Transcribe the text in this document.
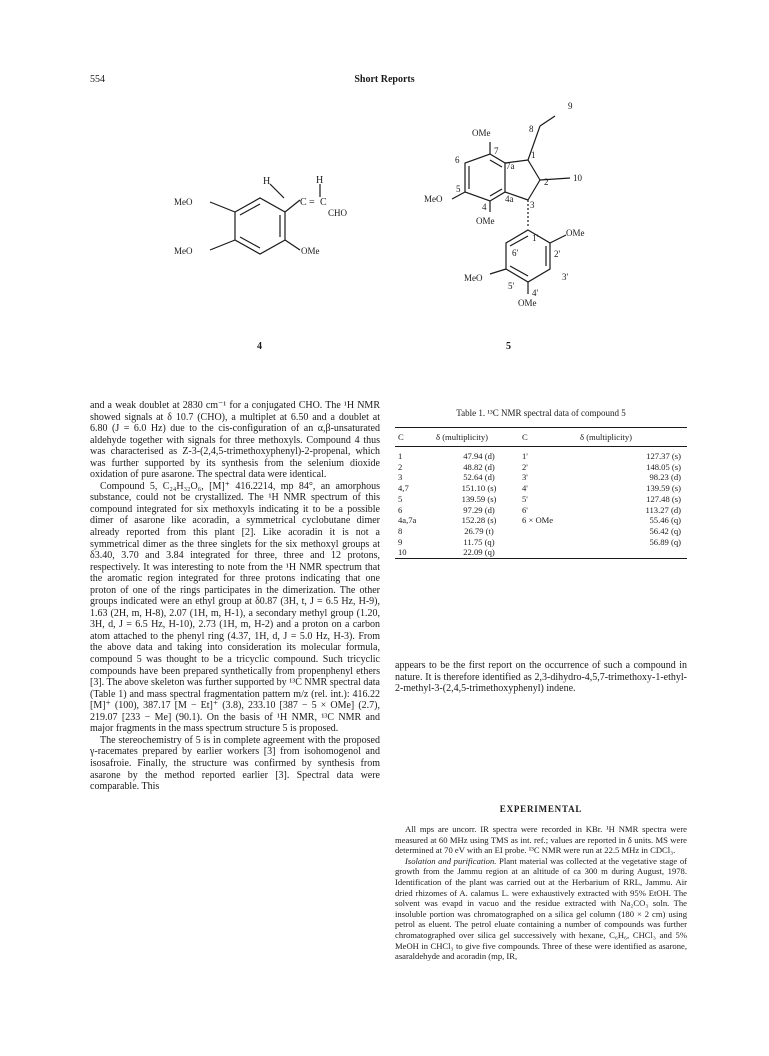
554	Short Reports
H	H
C = C
CHO
MeO
MeO	OMe
4
OMe
7
7a
8
9
6	1
2	10
5
MeO
4
4a
3
OMe
1'
6'	2'
OMe
3'
MeO
5'
4'
OMe
5

and a weak doublet at 2830 cm⁻¹ for a conjugated CHO. The ¹H NMR showed signals at δ 10.7 (CHO), a multiplet at 6.50 and a doublet at 6.80 (J = 6.0 Hz) due to the cis-configuration of an α,β-unsaturated aldehyde together with signals for three methoxyls. Compound 4 thus was characterised as Z-3-(2,4,5-trimethoxyphenyl)-2-propenal, which was further supported by its synthesis from the selenium dioxide oxidation of pure asarone. The spectral data were identical.

Compound 5, C₂₄H₃₂O₆, [M]⁺ 416.2214, mp 84°, an amorphous substance, could not be crystallized. The ¹H NMR spectrum of this compound integrated for six methoxyls indicating it to be a possible dimer of asarone like acoradin, a symmetrical cyclobutane dimer already reported from this plant [2]. Like acoradin it is not a symmetrical dimer as the three singlets for the six methoxyl groups at δ3.40, 3.70 and 3.84 integrated for three, three and 12 protons, respectively. It was interesting to note from the ¹H NMR spectrum that the aromatic region integrated for three protons indicating that one proton of one of the rings participates in the dimerization. The other groups indicated were an ethyl group at δ0.87 (3H, t, J = 6.5 Hz, H-9), 1.63 (2H, m, H-8), 2.07 (1H, m, H-1), a secondary methyl group (1.20, 3H, d, J = 6.5 Hz, H-10), 2.73 (1H, m, H-2) and a proton on a carbon atom attached to the phenyl ring (4.37, 1H, d, J = 5.0 Hz, H-3). From the above data and taking into consideration its molecular formula, compound 5 was thought to be a tricyclic compound. Such tricyclic compounds have been prepared synthetically from propenphenyl ethers [3]. The above skeleton was further supported by ¹³C NMR spectral data (Table 1) and mass spectral fragmentation pattern m/z (rel. int.): 416.22 [M]⁺ (100), 387.17 [M − Et]⁺ (3.8), 233.10 [387 − 5 × OMe] (2.7), 219.07 [233 − Me] (90.1). On the basis of ¹H NMR, ¹³C NMR and major fragments in the mass spectrum structure 5 is proposed.

The stereochemistry of 5 is in complete agreement with the proposed γ-racemates prepared by earlier workers [3] from isohomogenol and isosafroie. Finally, the structure was confirmed by synthesis from asarone by the method reported earlier [3]. Spectral data were comparable. This

Table 1. ¹³C NMR spectral data of compound 5
C	δ (multiplicity)	C	δ (multiplicity)

1	47.94 (d)	1'	127.37 (s)
2	48.82 (d)	2'	148.05 (s)
3	52.64 (d)	3'	98.23 (d)
4,7	151.10 (s)	4'	139.59 (s)
5	139.59 (s)	5'	127.48 (s)
6	97.29 (d)	6'	113.27 (d)
4a,7a	152.28 (s)	6 × OMe	55.46 (q)
8	26.79 (t)		56.42 (q)
9	11.75 (q)		56.89 (q)
10	22.09 (q)		

appears to be the first report on the occurrence of such a compound in nature. It is therefore identified as 2,3-dihydro-4,5,7-trimethoxy-1-ethyl-2-methyl-3-(2,4,5-trimethoxyphenyl) indene.

EXPERIMENTAL

All mps are uncorr. IR spectra were recorded in KBr. ¹H NMR spectra were measured at 60 MHz using TMS as int. ref.; values are reported in δ units. MS were determined at 70 eV with an EI probe. ¹³C NMR were run at 22.5 MHz in CDCl₃.

Isolation and purification. Plant material was collected at the vegetative stage of growth from the Jammu region at an altitude of ca 300 m during August, 1978. Identification of the plant was carried out at the Herbarium of RRL, Jammu. Air dried rhizomes of A. calamus L. were exhaustively extracted with 95% EtOH. The solvent was evapd in vacuo and the residue extracted with Na₂CO₃ soln. The insoluble portion was chromatographed on a silica gel column (180 × 2 cm) using petrol as eluent. The petrol eluate containing a number of compounds was further chromatographed over silica gel successively with hexane, C₆H₆, CHCl₃ and 5% MeOH in CHCl₃ to give five compounds. Three of these were identified as asarone, asaraldehyde and acoradin (mp, IR,
